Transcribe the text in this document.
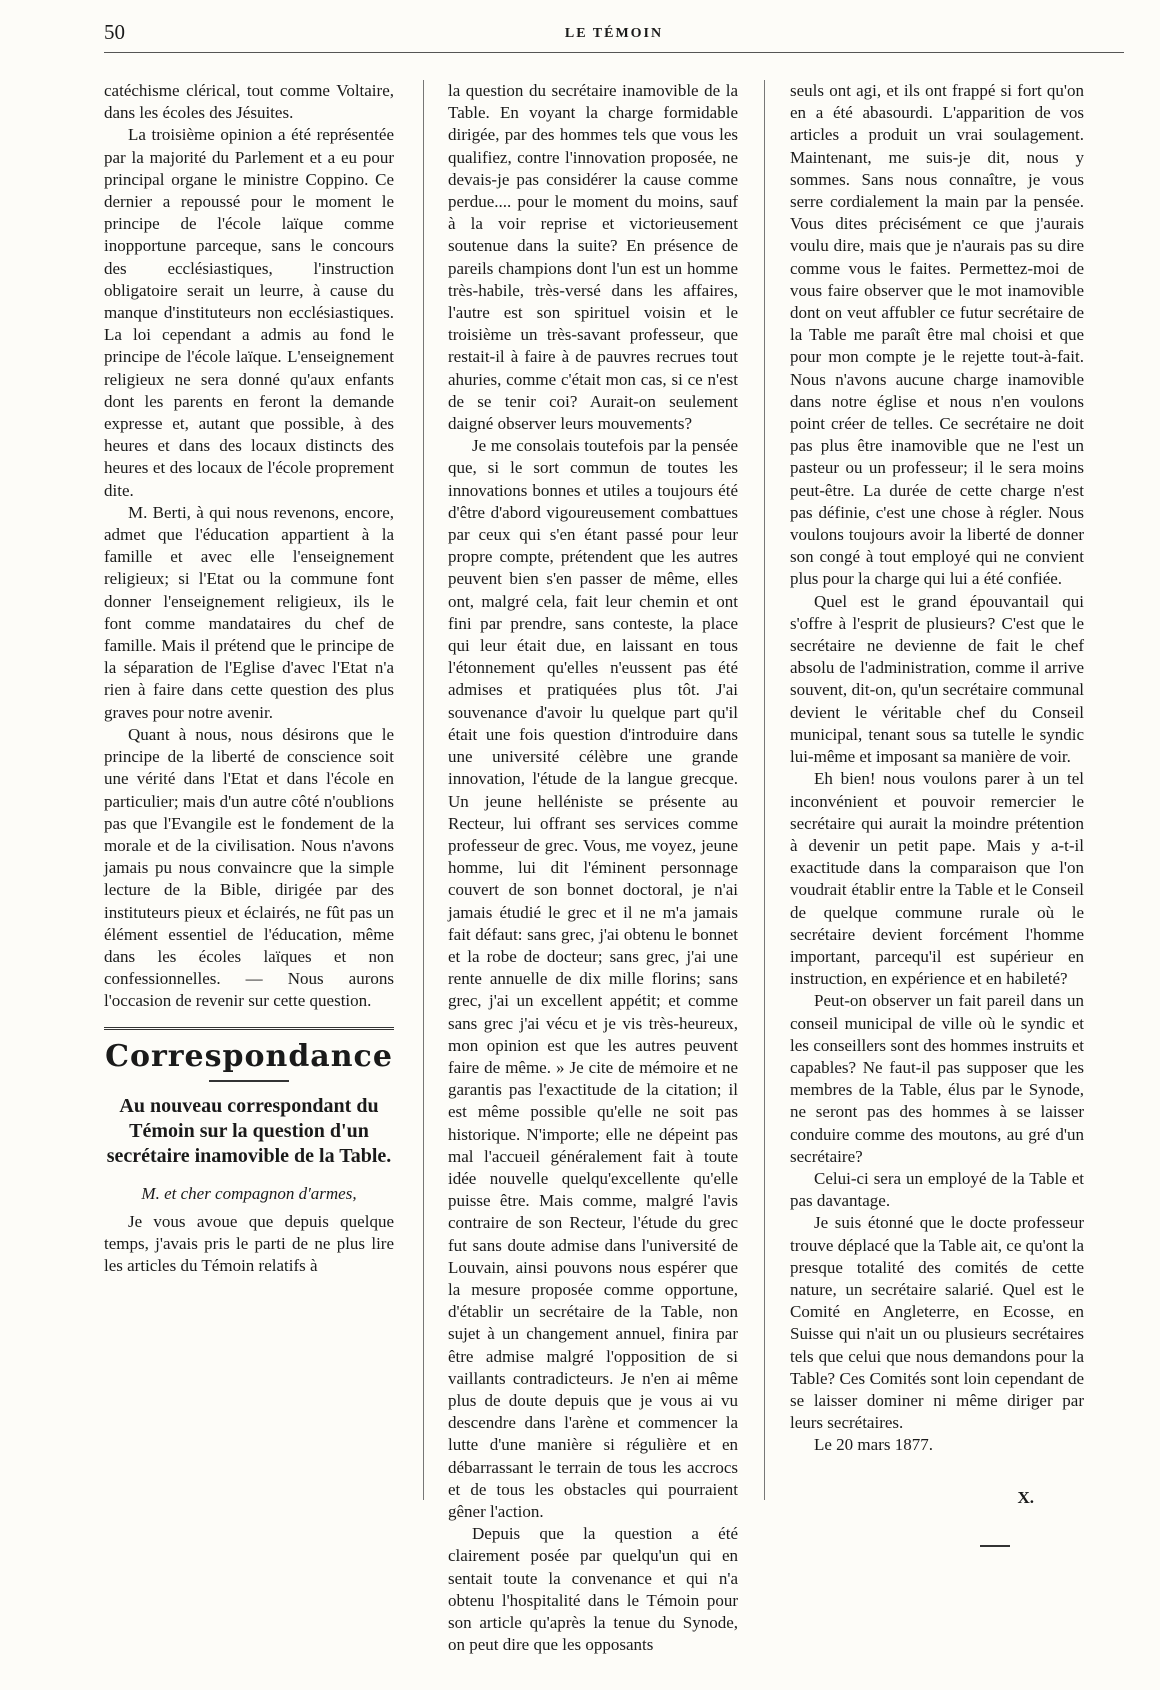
50	LE TÉMOIN

catéchisme clérical, tout comme Voltaire, dans les écoles des Jésuites.

La troisième opinion a été représentée par la majorité du Parlement et a eu pour principal organe le ministre Coppino. Ce dernier a repoussé pour le moment le principe de l'école laïque comme inopportune parceque, sans le concours des ecclésiastiques, l'instruction obligatoire serait un leurre, à cause du manque d'instituteurs non ecclésiastiques. La loi cependant a admis au fond le principe de l'école laïque. L'enseignement religieux ne sera donné qu'aux enfants dont les parents en feront la demande expresse et, autant que possible, à des heures et dans des locaux distincts des heures et des locaux de l'école proprement dite.

M. Berti, à qui nous revenons, encore, admet que l'éducation appartient à la famille et avec elle l'enseignement religieux; si l'Etat ou la commune font donner l'enseignement religieux, ils le font comme mandataires du chef de famille. Mais il prétend que le principe de la séparation de l'Eglise d'avec l'Etat n'a rien à faire dans cette question des plus graves pour notre avenir.

Quant à nous, nous désirons que le principe de la liberté de conscience soit une vérité dans l'Etat et dans l'école en particulier; mais d'un autre côté n'oublions pas que l'Evangile est le fondement de la morale et de la civilisation. Nous n'avons jamais pu nous convaincre que la simple lecture de la Bible, dirigée par des instituteurs pieux et éclairés, ne fût pas un élément essentiel de l'éducation, même dans les écoles laïques et non confessionnelles. — Nous aurons l'occasion de revenir sur cette question.

Correspondance
Au nouveau correspondant du Témoin sur la question d'un secrétaire inamovible de la Table.
M. et cher compagnon d'armes,

Je vous avoue que depuis quelque temps, j'avais pris le parti de ne plus lire les articles du Témoin relatifs à

la question du secrétaire inamovible de la Table. En voyant la charge formidable dirigée, par des hommes tels que vous les qualifiez, contre l'innovation proposée, ne devais-je pas considérer la cause comme perdue.... pour le moment du moins, sauf à la voir reprise et victorieusement soutenue dans la suite? En présence de pareils champions dont l'un est un homme très-habile, très-versé dans les affaires, l'autre est son spirituel voisin et le troisième un très-savant professeur, que restait-il à faire à de pauvres recrues tout ahuries, comme c'était mon cas, si ce n'est de se tenir coi? Aurait-on seulement daigné observer leurs mouvements?

Je me consolais toutefois par la pensée que, si le sort commun de toutes les innovations bonnes et utiles a toujours été d'être d'abord vigoureusement combattues par ceux qui s'en étant passé pour leur propre compte, prétendent que les autres peuvent bien s'en passer de même, elles ont, malgré cela, fait leur chemin et ont fini par prendre, sans conteste, la place qui leur était due, en laissant en tous l'étonnement qu'elles n'eussent pas été admises et pratiquées plus tôt. J'ai souvenance d'avoir lu quelque part qu'il était une fois question d'introduire dans une université célèbre une grande innovation, l'étude de la langue grecque. Un jeune helléniste se présente au Recteur, lui offrant ses services comme professeur de grec. Vous, me voyez, jeune homme, lui dit l'éminent personnage couvert de son bonnet doctoral, je n'ai jamais étudié le grec et il ne m'a jamais fait défaut: sans grec, j'ai obtenu le bonnet et la robe de docteur; sans grec, j'ai une rente annuelle de dix mille florins; sans grec, j'ai un excellent appétit; et comme sans grec j'ai vécu et je vis très-heureux, mon opinion est que les autres peuvent faire de même. » Je cite de mémoire et ne garantis pas l'exactitude de la citation; il est même possible qu'elle ne soit pas historique. N'importe; elle ne dépeint pas mal l'accueil généralement fait à toute idée nouvelle quelqu'excellente qu'elle puisse être. Mais comme, malgré l'avis contraire de son Recteur, l'étude du grec fut sans doute admise dans l'université de Louvain, ainsi pouvons nous espérer que la mesure proposée comme opportune, d'établir un secrétaire de la Table, non sujet à un changement annuel, finira par être admise malgré l'opposition de si vaillants contradicteurs. Je n'en ai même plus de doute depuis que je vous ai vu descendre dans l'arène et commencer la lutte d'une manière si régulière et en débarrassant le terrain de tous les accrocs et de tous les obstacles qui pourraient gêner l'action.

Depuis que la question a été clairement posée par quelqu'un qui en sentait toute la convenance et qui n'a obtenu l'hospitalité dans le Témoin pour son article qu'après la tenue du Synode, on peut dire que les opposants

seuls ont agi, et ils ont frappé si fort qu'on en a été abasourdi. L'apparition de vos articles a produit un vrai soulagement. Maintenant, me suis-je dit, nous y sommes. Sans nous connaître, je vous serre cordialement la main par la pensée. Vous dites précisément ce que j'aurais voulu dire, mais que je n'aurais pas su dire comme vous le faites. Permettez-moi de vous faire observer que le mot inamovible dont on veut affubler ce futur secrétaire de la Table me paraît être mal choisi et que pour mon compte je le rejette tout-à-fait. Nous n'avons aucune charge inamovible dans notre église et nous n'en voulons point créer de telles. Ce secrétaire ne doit pas plus être inamovible que ne l'est un pasteur ou un professeur; il le sera moins peut-être. La durée de cette charge n'est pas définie, c'est une chose à régler. Nous voulons toujours avoir la liberté de donner son congé à tout employé qui ne convient plus pour la charge qui lui a été confiée.

Quel est le grand épouvantail qui s'offre à l'esprit de plusieurs? C'est que le secrétaire ne devienne de fait le chef absolu de l'administration, comme il arrive souvent, dit-on, qu'un secrétaire communal devient le véritable chef du Conseil municipal, tenant sous sa tutelle le syndic lui-même et imposant sa manière de voir.

Eh bien! nous voulons parer à un tel inconvénient et pouvoir remercier le secrétaire qui aurait la moindre prétention à devenir un petit pape. Mais y a-t-il exactitude dans la comparaison que l'on voudrait établir entre la Table et le Conseil de quelque commune rurale où le secrétaire devient forcément l'homme important, parcequ'il est supérieur en instruction, en expérience et en habileté?

Peut-on observer un fait pareil dans un conseil municipal de ville où le syndic et les conseillers sont des hommes instruits et capables? Ne faut-il pas supposer que les membres de la Table, élus par le Synode, ne seront pas des hommes à se laisser conduire comme des moutons, au gré d'un secrétaire?

Celui-ci sera un employé de la Table et pas davantage.

Je suis étonné que le docte professeur trouve déplacé que la Table ait, ce qu'ont la presque totalité des comités de cette nature, un secrétaire salarié. Quel est le Comité en Angleterre, en Ecosse, en Suisse qui n'ait un ou plusieurs secrétaires tels que celui que nous demandons pour la Table? Ces Comités sont loin cependant de se laisser dominer ni même diriger par leurs secrétaires.

Le 20 mars 1877.

X.
